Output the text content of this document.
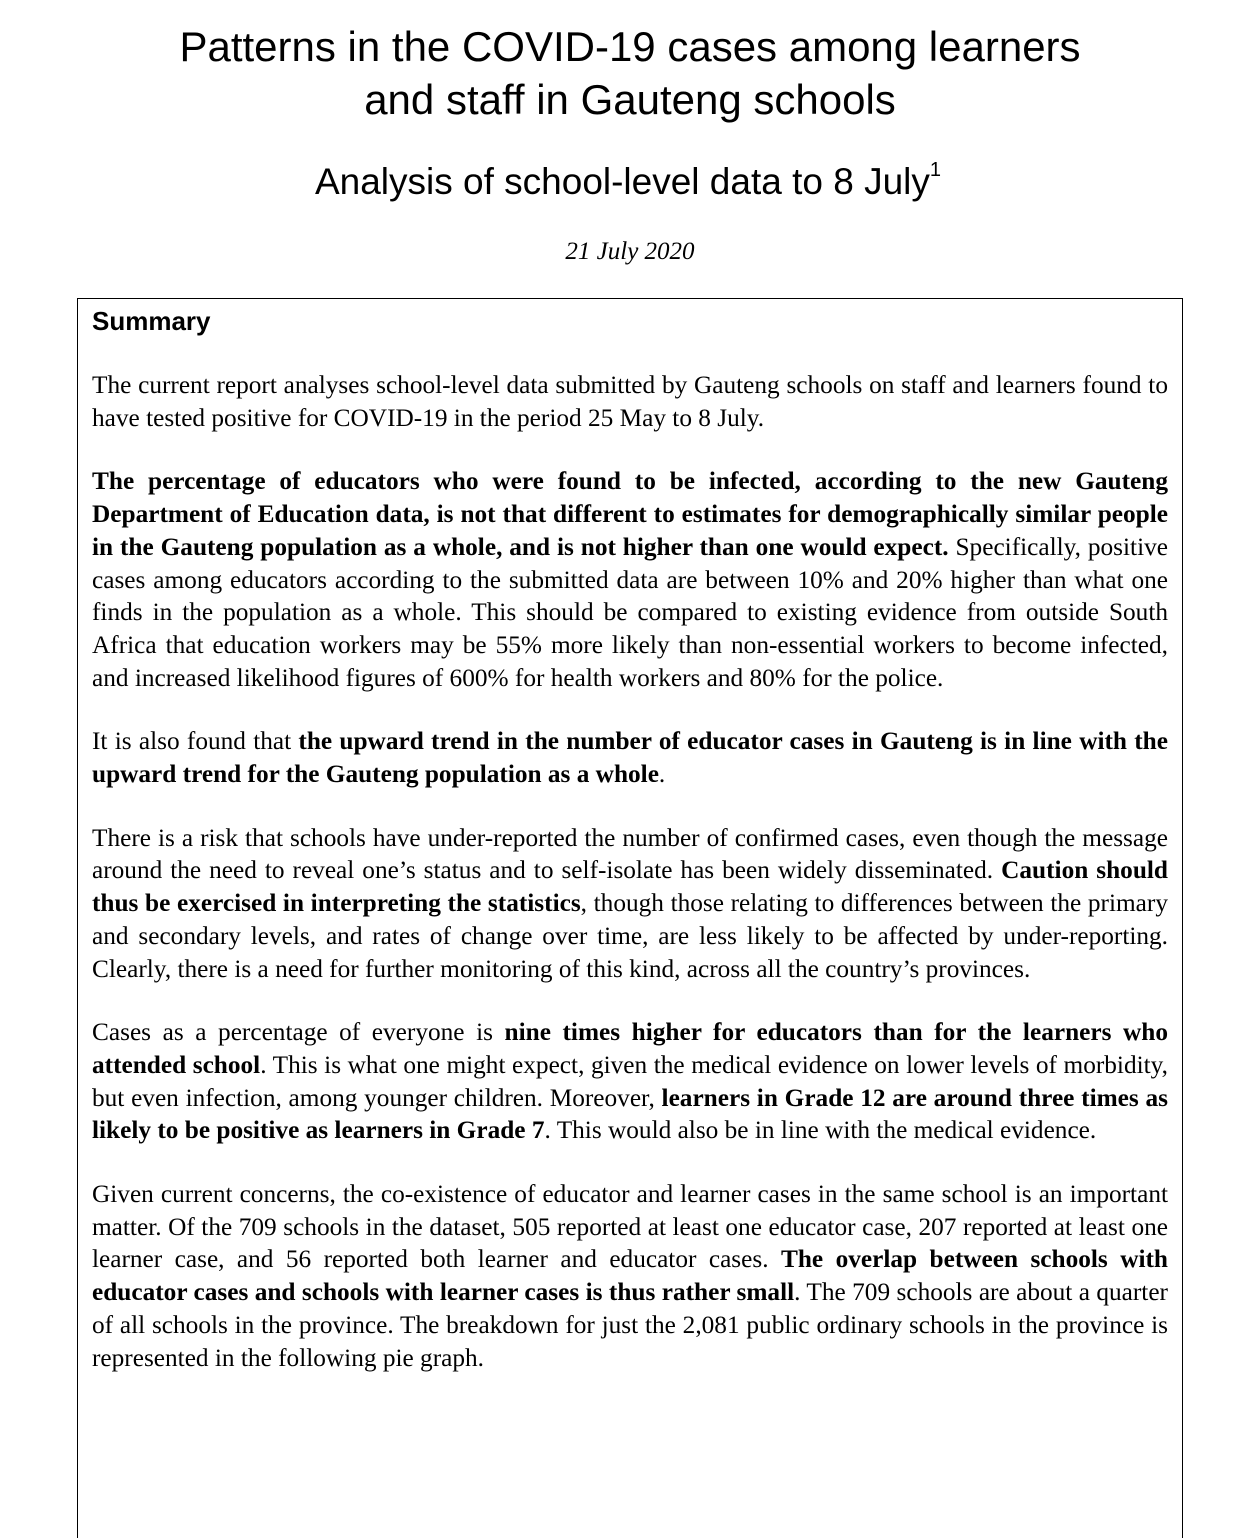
Patterns in the COVID-19 cases among learners
and staff in Gauteng schools
Analysis of school-level data to 8 July$^1$
21 July 2020
Summary

The current report analyses school-level data submitted by Gauteng schools on staff and learners found to have tested positive for COVID-19 in the period 25 May to 8 July.

The percentage of educators who were found to be infected, according to the new Gauteng Department of Education data, is not that different to estimates for demographically similar people in the Gauteng population as a whole, and is not higher than one would expect. Specifically, positive cases among educators according to the submitted data are between 10% and 20% higher than what one finds in the population as a whole. This should be compared to existing evidence from outside South Africa that education workers may be 55% more likely than non-essential workers to become infected, and increased likelihood figures of 600% for health workers and 80% for the police.

It is also found that the upward trend in the number of educator cases in Gauteng is in line with the upward trend for the Gauteng population as a whole.

There is a risk that schools have under-reported the number of confirmed cases, even though the message around the need to reveal one’s status and to self-isolate has been widely disseminated. Caution should thus be exercised in interpreting the statistics, though those relating to differences between the primary and secondary levels, and rates of change over time, are less likely to be affected by under-reporting. Clearly, there is a need for further monitoring of this kind, across all the country’s provinces.

Cases as a percentage of everyone is nine times higher for educators than for the learners who attended school. This is what one might expect, given the medical evidence on lower levels of morbidity, but even infection, among younger children. Moreover, learners in Grade 12 are around three times as likely to be positive as learners in Grade 7. This would also be in line with the medical evidence.

Given current concerns, the co-existence of educator and learner cases in the same school is an important matter. Of the 709 schools in the dataset, 505 reported at least one educator case, 207 reported at least one learner case, and 56 reported both learner and educator cases. The overlap between schools with educator cases and schools with learner cases is thus rather small. The 709 schools are about a quarter of all schools in the province. The breakdown for just the 2,081 public ordinary schools in the province is represented in the following pie graph.
